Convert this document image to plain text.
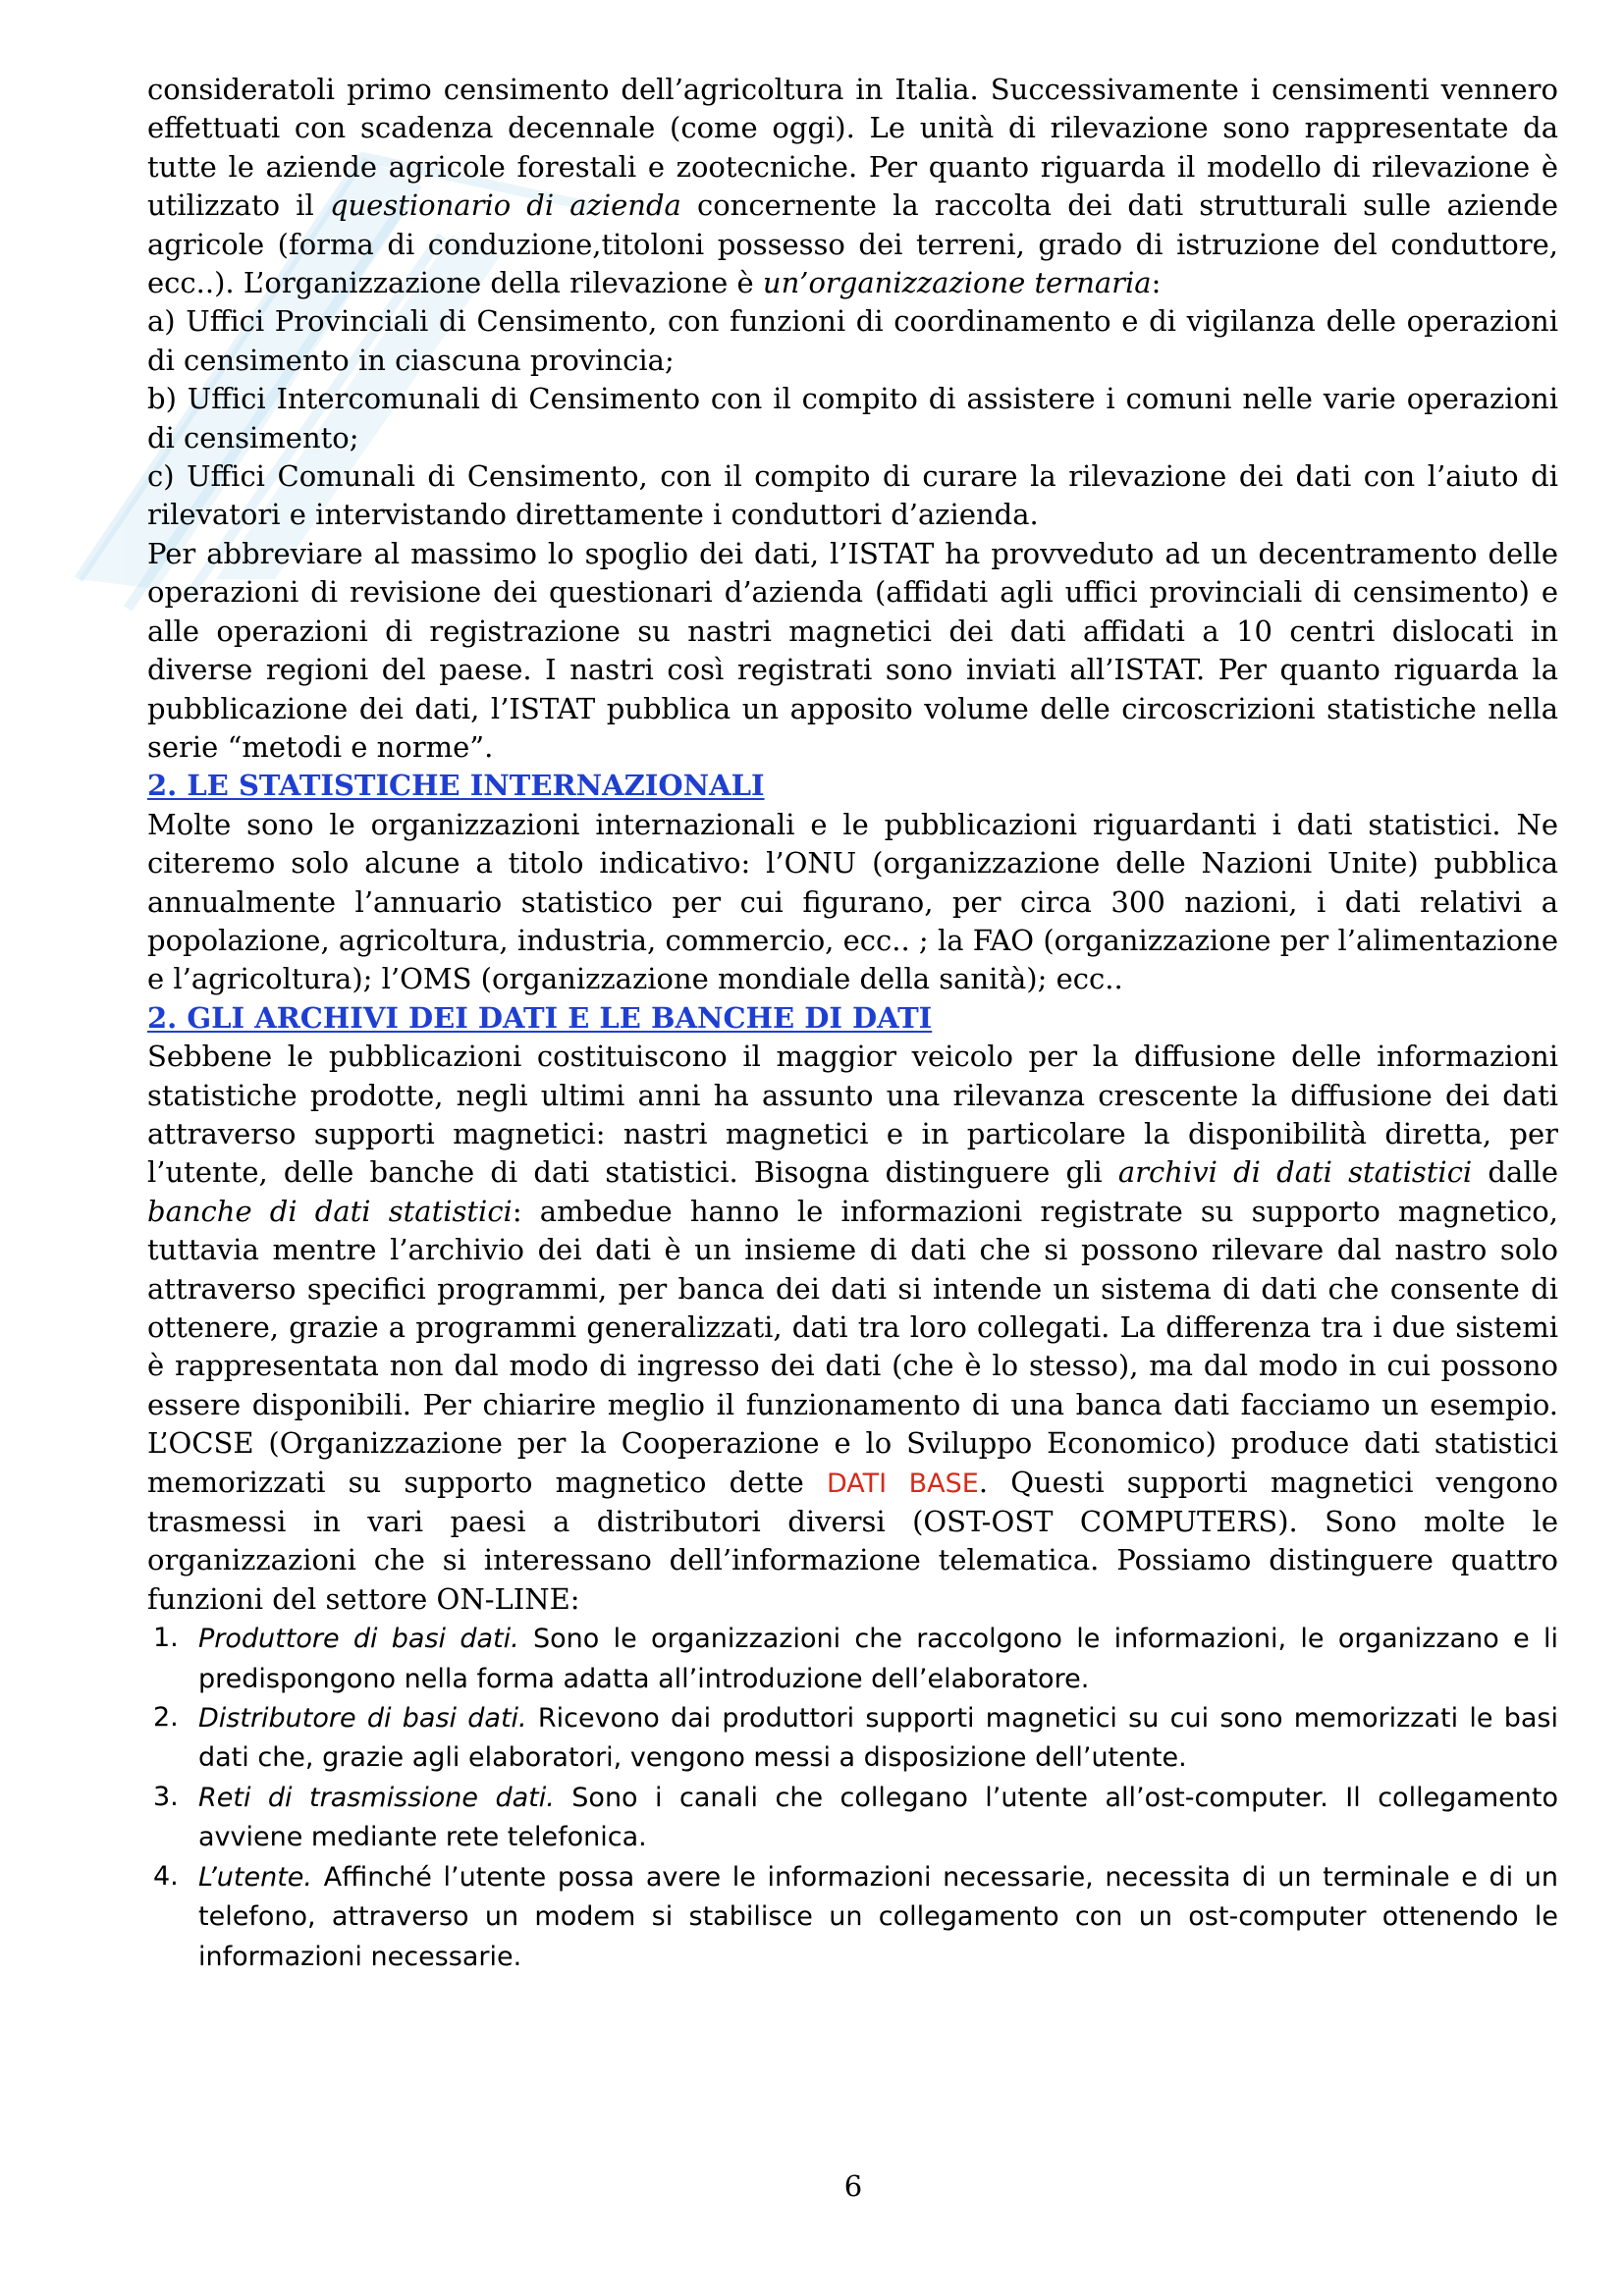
consideratoli primo censimento dell’agricoltura in Italia. Successivamente i censimenti vennero effettuati con scadenza decennale (come oggi). Le unità di rilevazione sono rappresentate da tutte le aziende agricole forestali e zootecniche. Per quanto riguarda il modello di rilevazione è utilizzato il questionario di azienda concernente la raccolta dei dati strutturali sulle aziende agricole (forma di conduzione,titoloni possesso dei terreni, grado di istruzione del conduttore, ecc..). L’organizzazione della rilevazione è un’organizzazione ternaria:

a) Uffici Provinciali di Censimento, con funzioni di coordinamento e di vigilanza delle operazioni di censimento in ciascuna provincia;

b) Uffici Intercomunali di Censimento con il compito di assistere i comuni nelle varie operazioni di censimento;

c) Uffici Comunali di Censimento, con il compito di curare la rilevazione dei dati con l’aiuto di rilevatori e intervistando direttamente i conduttori d’azienda.

Per abbreviare al massimo lo spoglio dei dati, l’ISTAT ha provveduto ad un decentramento delle operazioni di revisione dei questionari d’azienda (affidati agli uffici provinciali di censimento) e alle operazioni di registrazione su nastri magnetici dei dati affidati a 10 centri dislocati in diverse regioni del paese. I nastri così registrati sono inviati all’ISTAT. Per quanto riguarda la pubblicazione dei dati, l’ISTAT pubblica un apposito volume delle circoscrizioni statistiche nella serie “metodi e norme”.

2. LE STATISTICHE INTERNAZIONALI

Molte sono le organizzazioni internazionali e le pubblicazioni riguardanti i dati statistici. Ne citeremo solo alcune a titolo indicativo: l’ONU (organizzazione delle Nazioni Unite) pubblica annualmente l’annuario statistico per cui figurano, per circa 300 nazioni, i dati relativi a popolazione, agricoltura, industria, commercio, ecc.. ; la FAO (organizzazione per l’alimentazione e l’agricoltura); l’OMS (organizzazione mondiale della sanità); ecc..

2. GLI ARCHIVI DEI DATI E LE BANCHE DI DATI

Sebbene le pubblicazioni costituiscono il maggior veicolo per la diffusione delle informazioni statistiche prodotte, negli ultimi anni ha assunto una rilevanza crescente la diffusione dei dati attraverso supporti magnetici: nastri magnetici e in particolare la disponibilità diretta, per l’utente, delle banche di dati statistici. Bisogna distinguere gli archivi di dati statistici dalle banche di dati statistici: ambedue hanno le informazioni registrate su supporto magnetico, tuttavia mentre l’archivio dei dati è un insieme di dati che si possono rilevare dal nastro solo attraverso specifici programmi, per banca dei dati si intende un sistema di dati che consente di ottenere, grazie a programmi generalizzati, dati tra loro collegati. La differenza tra i due sistemi è rappresentata non dal modo di ingresso dei dati (che è lo stesso), ma dal modo in cui possono essere disponibili. Per chiarire meglio il funzionamento di una banca dati facciamo un esempio. L’OCSE (Organizzazione per la Cooperazione e lo Sviluppo Economico) produce dati statistici memorizzati su supporto magnetico dette DATI BASE. Questi supporti magnetici vengono trasmessi in vari paesi a distributori diversi (OST-OST COMPUTERS). Sono molte le organizzazioni che si interessano dell’informazione telematica. Possiamo distinguere quattro funzioni del settore ON-LINE:

1. Produttore di basi dati. Sono le organizzazioni che raccolgono le informazioni, le organizzano e li predispongono nella forma adatta all’introduzione dell’elaboratore.
2. Distributore di basi dati. Ricevono dai produttori supporti magnetici su cui sono memorizzati le basi dati che, grazie agli elaboratori, vengono messi a disposizione dell’utente.
3. Reti di trasmissione dati. Sono i canali che collegano l’utente all’ost-computer. Il collegamento avviene mediante rete telefonica.
4. L’utente. Affinché l’utente possa avere le informazioni necessarie, necessita di un terminale e di un telefono, attraverso un modem si stabilisce un collegamento con un ost-computer ottenendo le informazioni necessarie.
6
